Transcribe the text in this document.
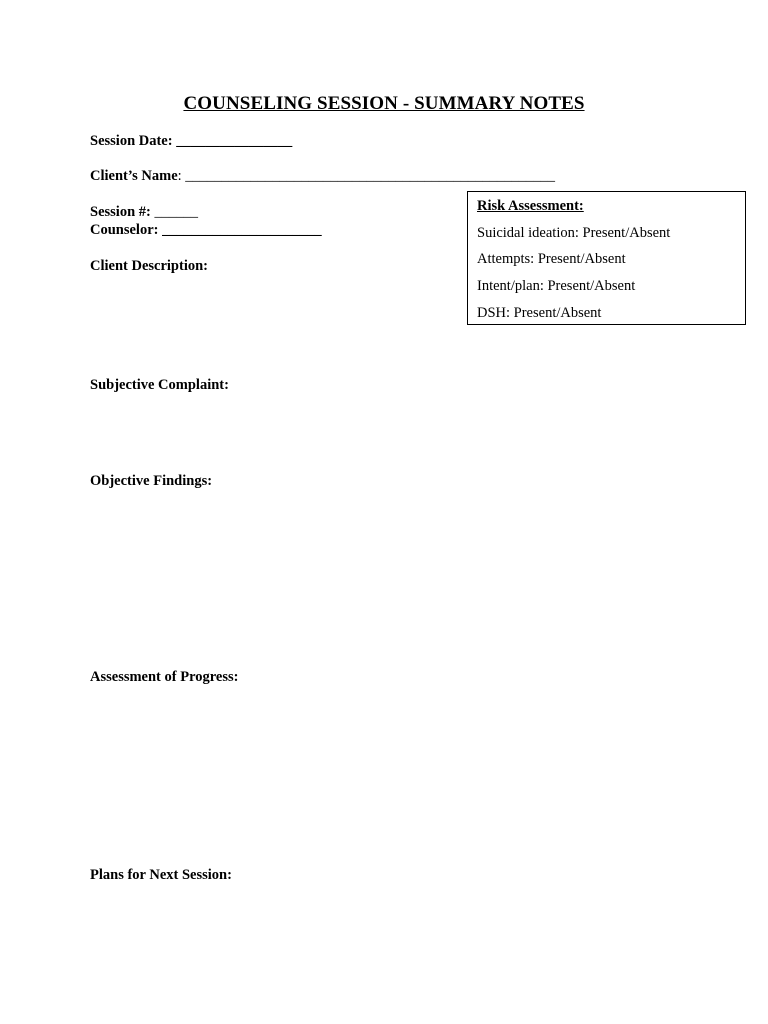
COUNSELING SESSION - SUMMARY NOTES
Session Date: ________________
Client’s Name: ___________________________________________________
Session #: ______
Counselor: ______________________
Client Description:
Subjective Complaint:
Objective Findings:
Assessment of Progress:
Plans for Next Session:
Risk Assessment:
Suicidal ideation: Present/Absent
Attempts: Present/Absent
Intent/plan: Present/Absent
DSH: Present/Absent
